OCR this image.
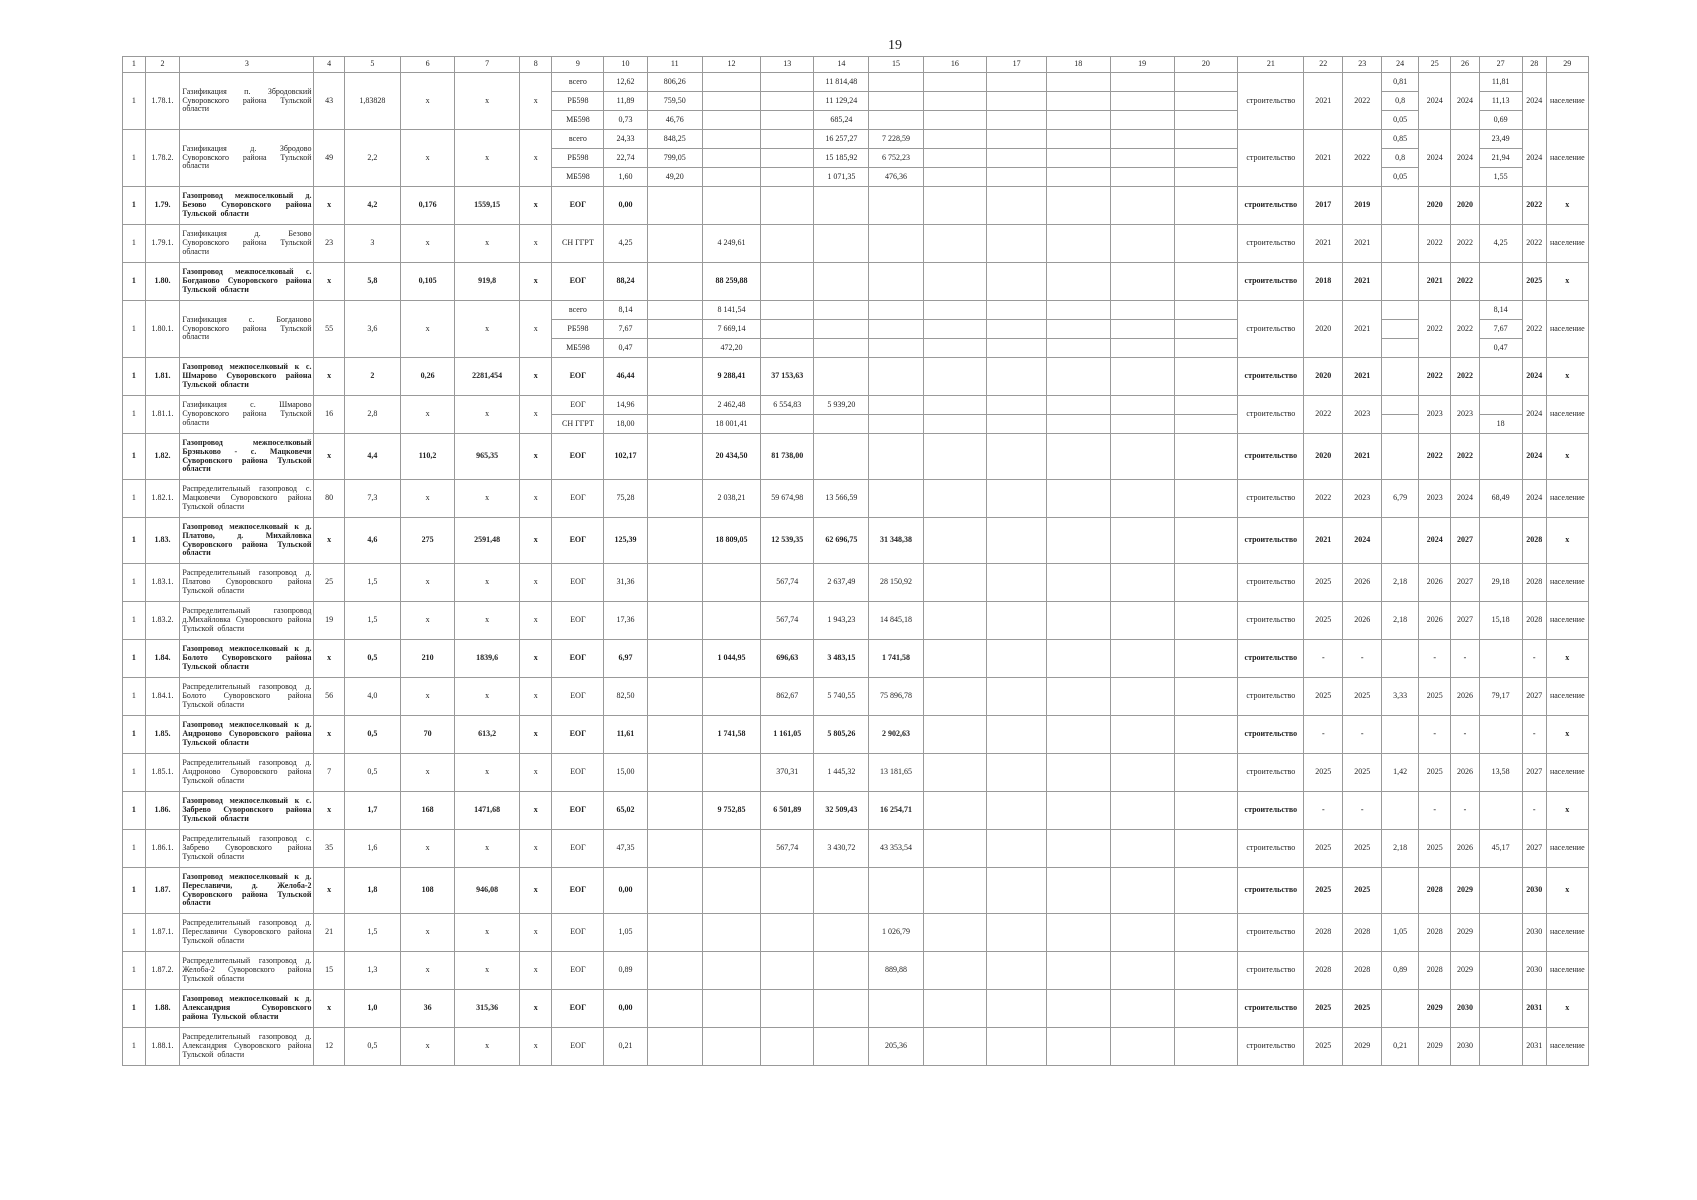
19
1	2	3	4	5	6	7	8	9	10	11	12	13	14	15	16	17	18	19	20	21	22	23	24	25	26	27	28	29
1	1.78.1.	Газификация п. Збродовский Суворовского района Тульской области	43	1,83828	х	х	х	всего	12,62	806,26			11 814,48							строительство	2021	2022	0,81	2024	2024	11,81	2024	население
								РБ598	11,89	759,50			11 129,24										0,8			11,13		
								МБ598	0,73	46,76			685,24										0,05			0,69		
1	1.78.2.	Газификация д. Збродово Суворовского района Тульской области	49	2,2	х	х	х	всего	24,33	848,25			16 257,27	7 228,59						строительство	2021	2022	0,85	2024	2024	23,49	2024	население
								РБ598	22,74	799,05			15 185,92	6 752,23									0,8			21,94		
								МБ598	1,60	49,20			1 071,35	476,36									0,05			1,55		
1	1.79.	Газопровод межпоселковый д. Безово Суворовского района Тульской области	х	4,2	0,176	1559,15	х	ЕОГ	0,00											строительство	2017	2019		2020	2020		2022	х
1	1.79.1.	Газификация д. Безово Суворовского района Тульской области	23	3	х	х	х	СН ГГРТ	4,25		4 249,61									строительство	2021	2021		2022	2022	4,25	2022	население
1	1.80.	Газопровод межпоселковый с. Богданово Суворовского района Тульской области	х	5,8	0,105	919,8	х	ЕОГ	88,24		88 259,88									строительство	2018	2021		2021	2022		2025	х
1	1.80.1.	Газификация с. Богданово Суворовского района Тульской области	55	3,6	х	х	х	всего	8,14		8 141,54									строительство	2020	2021		2022	2022	8,14	2022	население
								РБ598	7,67		7 669,14															7,67		
								МБ598	0,47		472,20															0,47		
1	1.81.	Газопровод межпоселковый к с. Шмарово Суворовского района Тульской области	х	2	0,26	2281,454	х	ЕОГ	46,44		9 288,41	37 153,63								строительство	2020	2021		2022	2022		2024	х
1	1.81.1.	Газификация с. Шмарово Суворовского района Тульской области	16	2,8	х	х	х	ЕОГ	14,96		2 462,48	6 554,83	5 939,20							строительство	2022	2023		2023	2023		2024	население
								СН ГГРТ	18,00		18 001,41															18		
1	1.82.	Газопровод межпоселковый Брэньково - с. Мацкoвечи Суворовского района Тульской области	х	4,4	110,2	965,35	х	ЕОГ	102,17		20 434,50	81 738,00								строительство	2020	2021		2022	2022		2024	х
1	1.82.1.	Распределительный газопровод с. Мацковечи Суворовского района Тульской области	80	7,3	х	х	х	ЕОГ	75,28		2 038,21	59 674,98	13 566,59							строительство	2022	2023	6,79	2023	2024	68,49	2024	население
1	1.83.	Газопровод межпоселковый к д. Платово, д. Михайловка Суворовского района Тульской области	х	4,6	275	2591,48	х	ЕОГ	125,39		18 809,05	12 539,35	62 696,75	31 348,38						строительство	2021	2024		2024	2027		2028	х
1	1.83.1.	Распределительный газопровод д. Платово Суворовского района Тульской области	25	1,5	х	х	х	ЕОГ	31,36			567,74	2 637,49	28 150,92						строительство	2025	2026	2,18	2026	2027	29,18	2028	население
1	1.83.2.	Распределительный газопровод д.Михайловка Суворовского района Тульской области	19	1,5	х	х	х	ЕОГ	17,36			567,74	1 943,23	14 845,18						строительство	2025	2026	2,18	2026	2027	15,18	2028	население
1	1.84.	Газопровод межпоселковый к д. Болото Суворовского района Тульской области	х	0,5	210	1839,6	х	ЕОГ	6,97		1 044,95	696,63	3 483,15	1 741,58						строительство	-	-		-	-		-	х
1	1.84.1.	Распределительный газопровод д. Болото Суворовского района Тульской области	56	4,0	х	х	х	ЕОГ	82,50			862,67	5 740,55	75 896,78						строительство	2025	2025	3,33	2025	2026	79,17	2027	население
1	1.85.	Газопровод межпоселковый к д. Андроново Суворовского района Тульской области	х	0,5	70	613,2	х	ЕОГ	11,61		1 741,58	1 161,05	5 805,26	2 902,63						строительство	-	-		-	-		-	х
1	1.85.1.	Распределительный газопровод д. Андроново Суворовского района Тульской области	7	0,5	х	х	х	ЕОГ	15,00			370,31	1 445,32	13 181,65						строительство	2025	2025	1,42	2025	2026	13,58	2027	население
1	1.86.	Газопровод межпоселковый к с. Забрево Суворовского района Тульской области	х	1,7	168	1471,68	х	ЕОГ	65,02		9 752,85	6 501,89	32 509,43	16 254,71						строительство	-	-		-	-		-	х
1	1.86.1.	Распределительный газопровод с. Забрево Суворовского района Тульской области	35	1,6	х	х	х	ЕОГ	47,35			567,74	3 430,72	43 353,54						строительство	2025	2025	2,18	2025	2026	45,17	2027	население
1	1.87.	Газопровод межпоселковый к д. Переславичи, д. Желоба-2 Суворовского района Тульской области	х	1,8	108	946,08	х	ЕОГ	0,00											строительство	2025	2025		2028	2029		2030	х
1	1.87.1.	Распределительный газопровод д. Переславичи Суворовского района Тульской области	21	1,5	х	х	х	ЕОГ	1,05					1 026,79						строительство	2028	2028	1,05	2028	2029		2030	население
1	1.87.2.	Распределительный газопровод д. Желоба-2 Суворовского района Тульской области	15	1,3	х	х	х	ЕОГ	0,89					889,88						строительство	2028	2028	0,89	2028	2029		2030	население
1	1.88.	Газопровод межпоселковый к д. Александрия Суворовского района Тульской области	х	1,0	36	315,36	х	ЕОГ	0,00											строительство	2025	2025		2029	2030		2031	х
1	1.88.1.	Распределительный газопровод д. Александрия Суворовского района Тульской области	12	0,5	х	х	х	ЕОГ	0,21					205,36						строительство	2025	2029	0,21	2029	2030		2031	население
